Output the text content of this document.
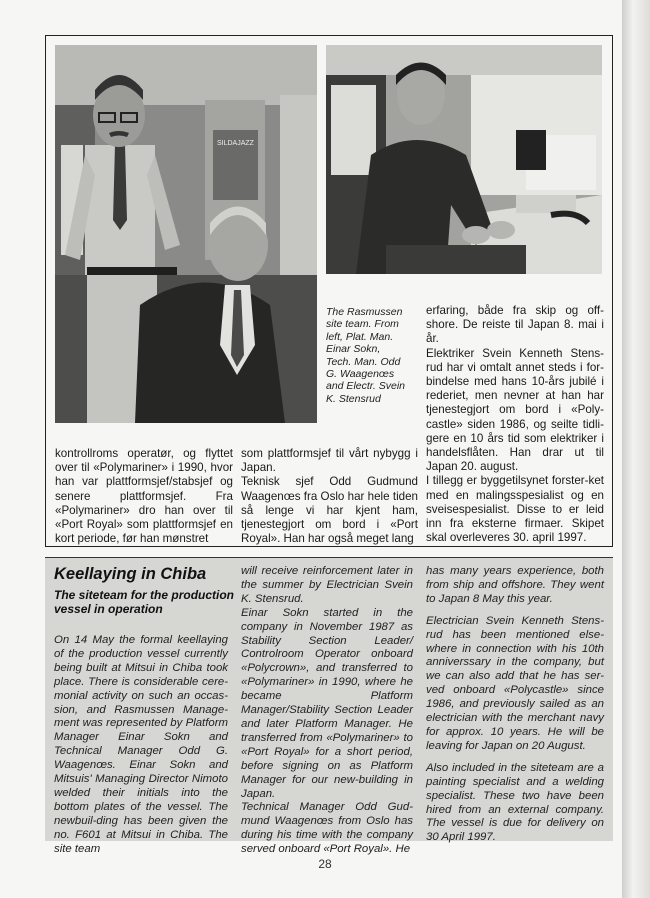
SILDAJAZZ
The Rasmussen site team. From left, Plat. Man. Einar Sokn, Tech. Man. Odd G. Waagenœs and Electr. Svein K. Stensrud

erfaring, både fra skip og off-shore. De reiste til Japan 8. mai i år.

Elektriker Svein Kenneth Stens-rud har vi omtalt annet steds i for-bindelse med hans 10-års jubilé i rederiet, men nevner at han har tjenestegjort om bord i «Poly-castle» siden 1986, og seilte tidli-gere en 10 års tid som elektriker i handelsflåten. Han drar ut til Japan 20. august.

I tillegg er byggetilsynet forster-ket med en malingsspesialist og en sveisespesialist. Disse to er leid inn fra eksterne firmaer. Skipet skal overleveres 30. april 1997.

kontrollroms operatør, og flyttet over til «Polymariner» i 1990, hvor han var plattformsjef/stabsjef og senere plattformsjef. Fra «Polymariner» dro han over til «Port Royal» som plattformsjef en kort periode, før han mønstret

som plattformsjef til vårt nybygg i Japan.

Teknisk sjef Odd Gudmund Waagenœs fra Oslo har hele tiden så lenge vi har kjent ham, tjenestegjort om bord i «Port Royal». Han har også meget lang

Keellaying in Chiba
The siteteam for the production vessel in operation

On 14 May the formal keellaying of the production vessel currently being built at Mitsui in Chiba took place. There is considerable cere-monial activity on such an occas-sion, and Rasmussen Manage-ment was represented by Platform Manager Einar Sokn and Technical Manager Odd G. Waagenœs. Einar Sokn and Mitsuis' Managing Director Nimoto welded their initials into the bottom plates of the vessel. The newbuil-ding has been given the no. F601 at Mitsui in Chiba. The site team

will receive reinforcement later in the summer by Electrician Svein K. Stensrud.

Einar Sokn started in the company in November 1987 as Stability Section Leader/ Controlroom Operator onboard «Polycrown», and transferred to «Polymariner» in 1990, where he became Platform Manager/Stability Section Leader and later Platform Manager. He transferred from «Polymariner» to «Port Royal» for a short period, before signing on as Platform Manager for our new-building in Japan.

Technical Manager Odd Gud-mund Waagenœs from Oslo has during his time with the company served onboard «Port Royal». He

has many years experience, both from ship and offshore. They went to Japan 8 May this year.

Electrician Svein Kenneth Stens-rud has been mentioned else-where in connection with his 10th anniverssary in the company, but we can also add that he has ser-ved onboard «Polycastle» since 1986, and previously sailed as an electrician with the merchant navy for approx. 10 years. He will be leaving for Japan on 20 August.

Also included in the siteteam are a painting specialist and a welding specialist. These two have been hired from an external company. The vessel is due for delivery on 30 April 1997.

28
